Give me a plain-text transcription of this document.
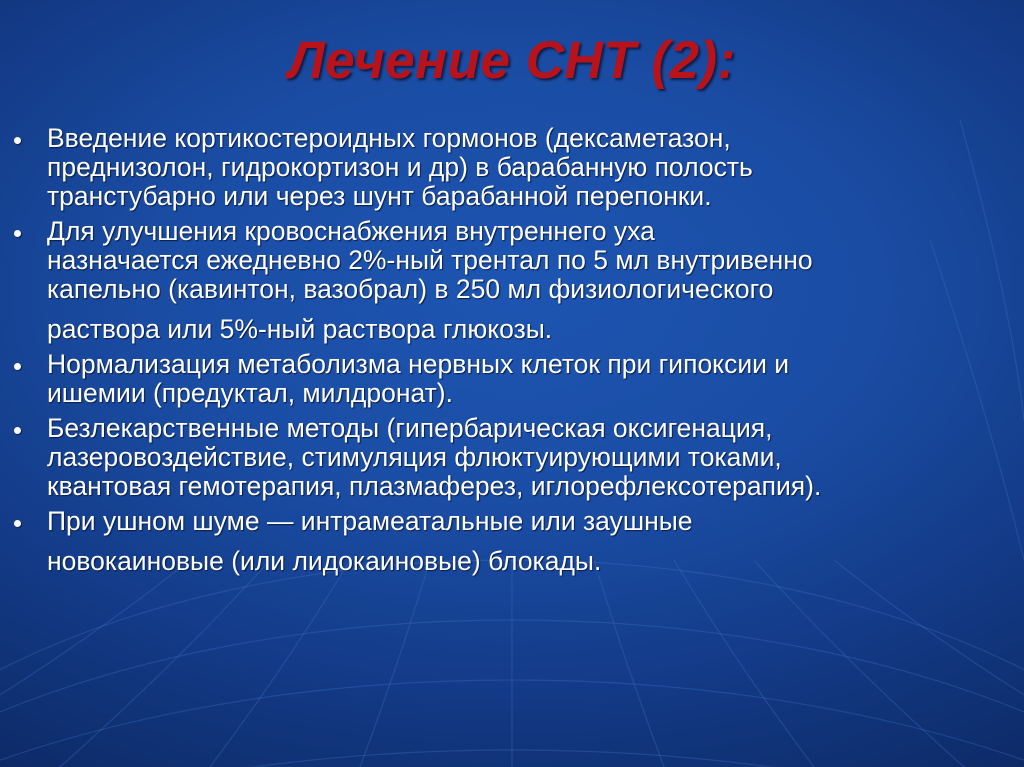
Лечение СНТ (2):
Введение кортикостероидных гормонов (дексаметазон,
преднизолон, гидрокортизон и др) в барабанную полость
транстубарно или через шунт барабанной перепонки.
Для улучшения кровоснабжения внутреннего уха
назначается ежедневно 2%-ный трентал по 5 мл внутривенно
капельно (кавинтон, вазобрал) в 250 мл физиологического
раствора или 5%-ный раствора глюкозы.
Нормализация метаболизма нервных клеток при гипоксии и
ишемии (предуктал, милдронат).
Безлекарственные методы (гипербарическая оксигенация,
лазеровоздействие, стимуляция флюктуирующими токами,
квантовая гемотерапия, плазмаферез, иглорефлексотерапия).
При ушном шуме — интрамеатальные или заушные
новокаиновые (или лидокаиновые) блокады.
